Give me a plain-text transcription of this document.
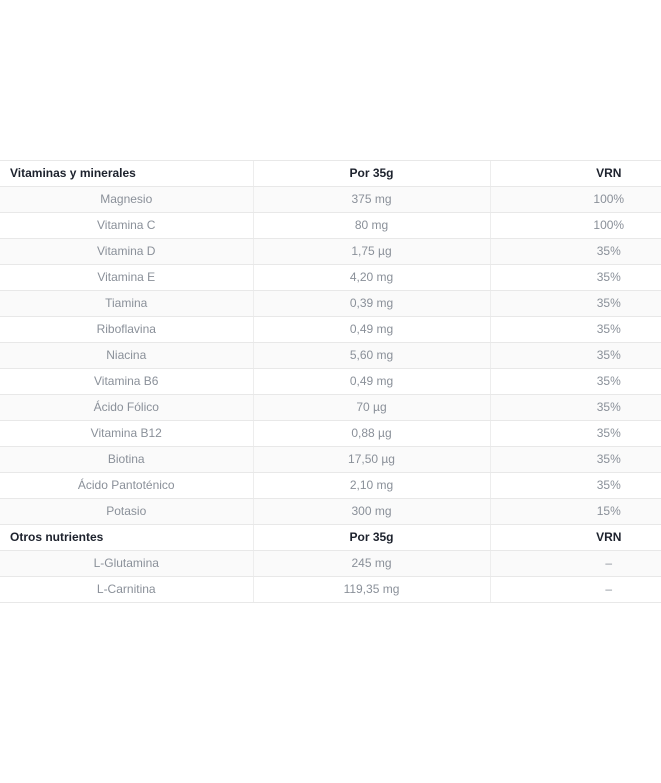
Vitaminas y minerales	Por 35g	VRN
Magnesio	375 mg	100%
Vitamina C	80 mg	100%
Vitamina D	1,75 µg	35%
Vitamina E	4,20 mg	35%
Tiamina	0,39 mg	35%
Riboflavina	0,49 mg	35%
Niacina	5,60 mg	35%
Vitamina B6	0,49 mg	35%
Ácido Fólico	70 µg	35%
Vitamina B12	0,88 µg	35%
Biotina	17,50 µg	35%
Ácido Pantoténico	2,10 mg	35%
Potasio	300 mg	15%
Otros nutrientes	Por 35g	VRN
L-Glutamina	245 mg	–
L-Carnitina	119,35 mg	–
